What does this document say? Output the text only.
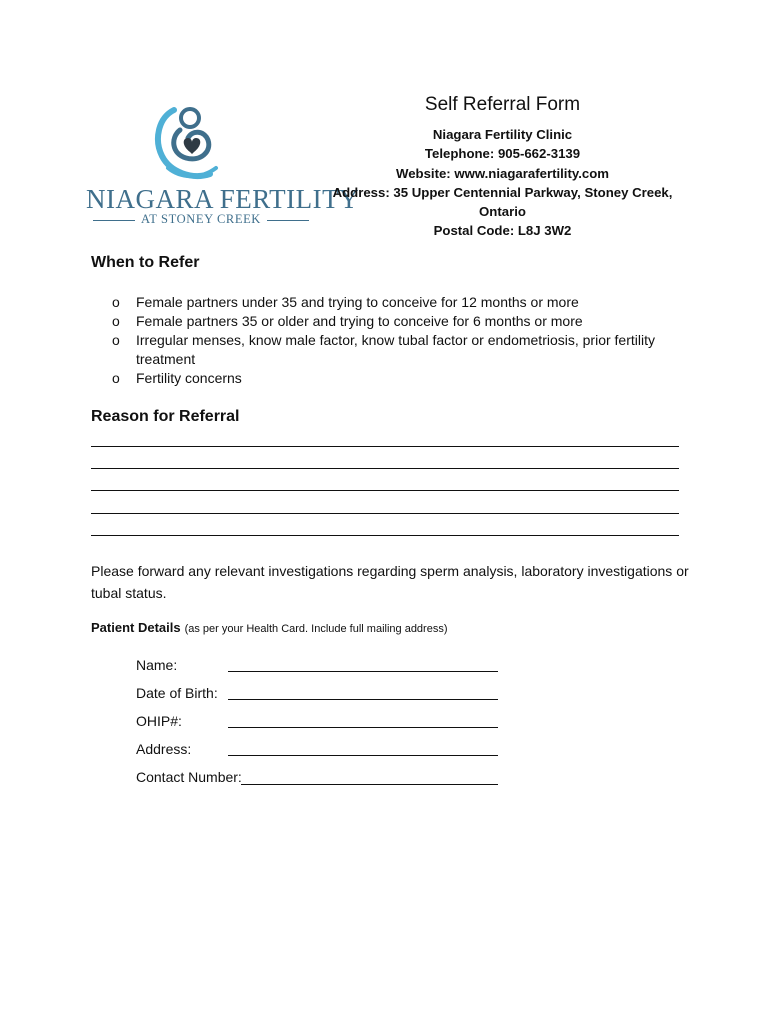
NIAGARA FERTILITY
AT STONEY CREEK
Self Referral Form
Niagara Fertility Clinic
Telephone: 905-662-3139
Website: www.niagarafertility.com
Address: 35 Upper Centennial Parkway, Stoney Creek,
Ontario
Postal Code: L8J 3W2
When to Refer
o Female partners under 35 and trying to conceive for 12 months or more
o Female partners 35 or older and trying to conceive for 6 months or more
o Irregular menses, know male factor, know tubal factor or endometriosis, prior fertility treatment
o Fertility concerns
Reason for Referral
Please forward any relevant investigations regarding sperm analysis, laboratory investigations or tubal status.
Patient Details (as per your Health Card. Include full mailing address)
Name:
Date of Birth:
OHIP#:
Address:
Contact Number:
